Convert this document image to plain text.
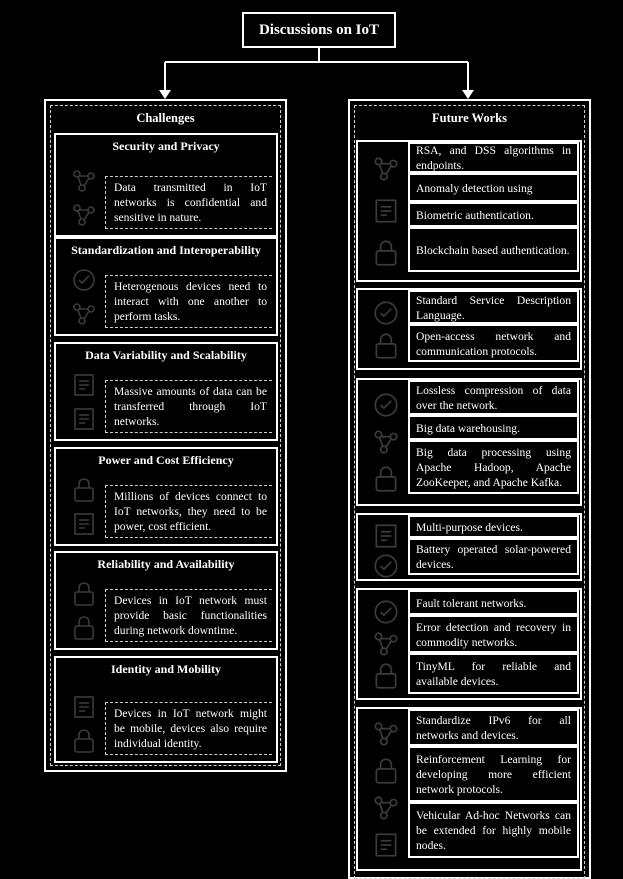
Discussions on IoT
Challenges
Security and Privacy
Data transmitted in IoT networks is confidential and sensitive in nature.
Standardization and Interoperability
Heterogenous devices need to interact with one another to perform tasks.
Data Variability and Scalability
Massive amounts of data can be transferred through IoT networks.
Power and Cost Efficiency
Millions of devices connect to IoT networks, they need to be power, cost efficient.
Reliability and Availability
Devices in IoT network must provide basic functionalities during network downtime.
Identity and Mobility
Devices in IoT network might be mobile, devices also require individual identity.
Future Works
RSA, and DSS algorithms in endpoints.
Anomaly detection using
Biometric authentication.
Blockchain based authentication.
Standard Service Description Language.
Open-access network and communication protocols.
Lossless compression of data over the network.
Big data warehousing.
Big data processing using Apache Hadoop, Apache ZooKeeper, and Apache Kafka.
Multi-purpose devices.
Battery operated solar-powered devices.
Fault tolerant networks.
Error detection and recovery in commodity networks.
TinyML for reliable and available devices.
Standardize IPv6 for all networks and devices.
Reinforcement Learning for developing more efficient network protocols.
Vehicular Ad-hoc Networks can be extended for highly mobile nodes.
